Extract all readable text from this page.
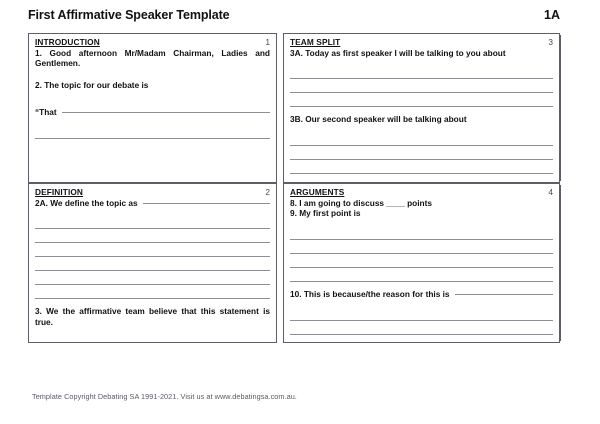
First Affirmative Speaker Template	1A
INTRODUCTION	1

1. Good afternoon Mr/Madam Chairman, Ladies and Gentlemen.

2. The topic for our debate is

“That

DEFINITION	2

2A. We define the topic as

3. We the affirmative team believe that this statement is true.

TEAM SPLIT	3

3A. Today as first speaker I will be talking to you about

3B. Our second speaker will be talking about

ARGUMENTS	4

8. I am going to discuss ____ points

9. My first point is

10. This is because/the reason for this is

Template Copyright Debating SA 1991-2021. Visit us at www.debatingsa.com.au.
